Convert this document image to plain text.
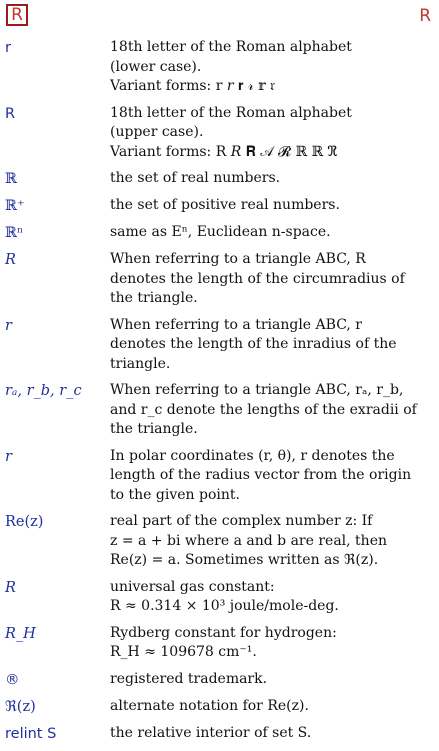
R	R
r	18th letter of the Roman alphabet
(lower case).
Variant forms: r 𝑟 𝐫 𝓇 𝕣 𝔯
R	18th letter of the Roman alphabet
(upper case).
Variant forms: R 𝑅 𝐑 𝒜 𝓡 ℝ ℝ ℜ
ℝ	the set of real numbers.
ℝ⁺	the set of positive real numbers.
ℝⁿ	same as Eⁿ, Euclidean n-space.
R	When referring to a triangle ABC, R
denotes the length of the circumradius of
the triangle.
r	When referring to a triangle ABC, r
denotes the length of the inradius of the
triangle.
rₐ, r_b, r_c	When referring to a triangle ABC, rₐ, r_b,
and r_c denote the lengths of the exradii of
the triangle.
r	In polar coordinates (r, θ), r denotes the
length of the radius vector from the origin
to the given point.
Re(z)	real part of the complex number z: If
z = a + bi where a and b are real, then
Re(z) = a. Sometimes written as ℜ(z).
R	universal gas constant:
R ≈ 0.314 × 10³ joule/mole-deg.
R_H	Rydberg constant for hydrogen:
R_H ≈ 109678 cm⁻¹.
®	registered trademark.
ℜ(z)	alternate notation for Re(z).
relint S	the relative interior of set S.
